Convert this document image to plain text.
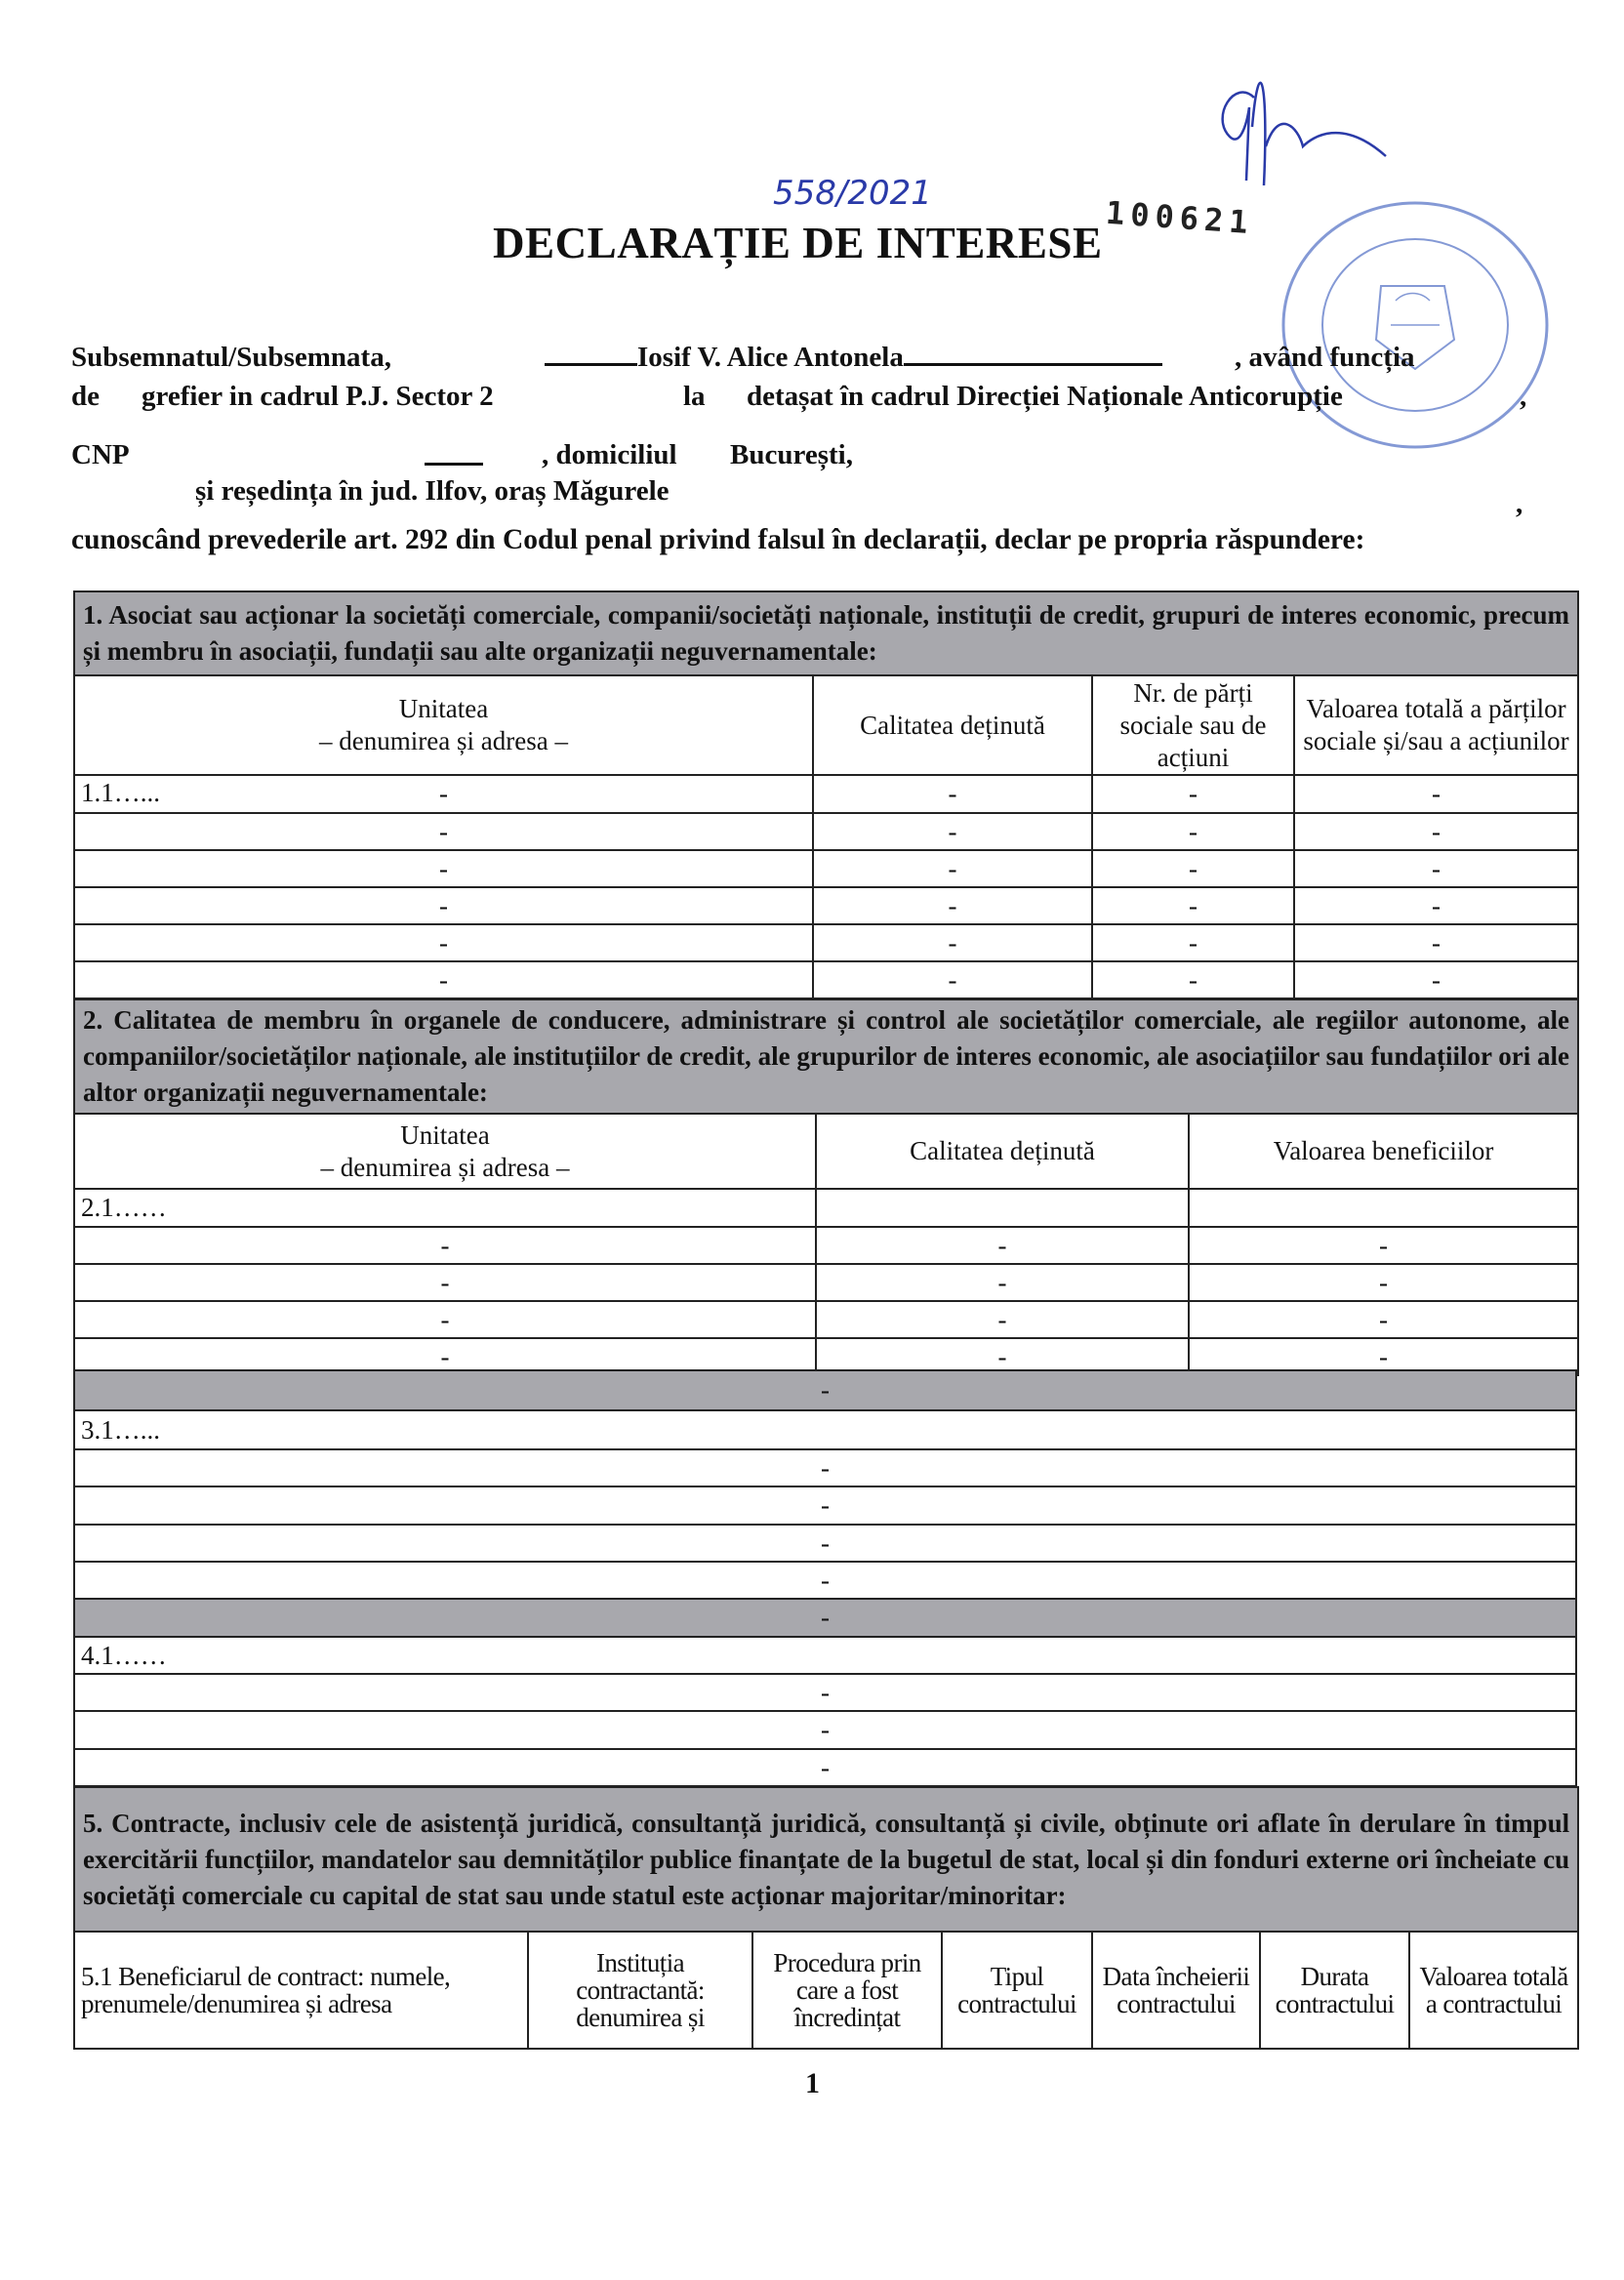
558/2021
100621
DECLARAȚIE DE INTERESE
Subsemnatul/Subsemnata,	Iosif V. Alice Antonela	, având funcția
de grefier in cadrul P.J. Sector 2	la detașat în cadrul Direcției Naționale Anticorupție	,
CNP	, domiciliul București,
și reședința în jud. Ilfov, oraș Măgurele	,
cunoscând prevederile art. 292 din Codul penal privind falsul în declarații, declar pe propria răspundere:
1. Asociat sau acționar la societăți comerciale, companii/societăți naționale, instituții de credit, grupuri de interes economic, precum și membru în asociații, fundații sau alte organizații neguvernamentale:			

Unitatea
– denumirea și adresa –	Calitatea deținută	Nr. de părți sociale sau de acțiuni	Valoarea totală a părților sociale și/sau a acțiunilor

1.1…... -	-	-	-
-	-	-	-
-	-	-	-
-	-	-	-
-	-	-	-
-	-	-	-
2. Calitatea de membru în organele de conducere, administrare și control ale societăților comerciale, ale regiilor autonome, ale companiilor/societăților naționale, ale instituțiilor de credit, ale grupurilor de interes economic, ale asociațiilor sau fundațiilor ori ale altor organizații neguvernamentale:		

Unitatea
– denumirea și adresa –	Calitatea deținută	Valoarea beneficiilor
2.1……		
-	-	-
-	-	-
-	-	-
-	-	-
-
3.1…...
-
-
-
-
-
4.1……
-
-
-
5. Contracte, inclusiv cele de asistență juridică, consultanță juridică, consultanță și civile, obținute ori aflate în derulare în timpul exercitării funcțiilor, mandatelor sau demnităților publice finanțate de la bugetul de stat, local și din fonduri externe ori încheiate cu societăți comerciale cu capital de stat sau unde statul este acționar majoritar/minoritar:
5.1 Beneficiarul de contract: numele, prenumele/denumirea și adresa	Instituția contractantă: denumirea și	Procedura prin care a fost încredințat	Tipul contractului	Data încheierii contractului	Durata contractului	Valoarea totală a contractului
1
